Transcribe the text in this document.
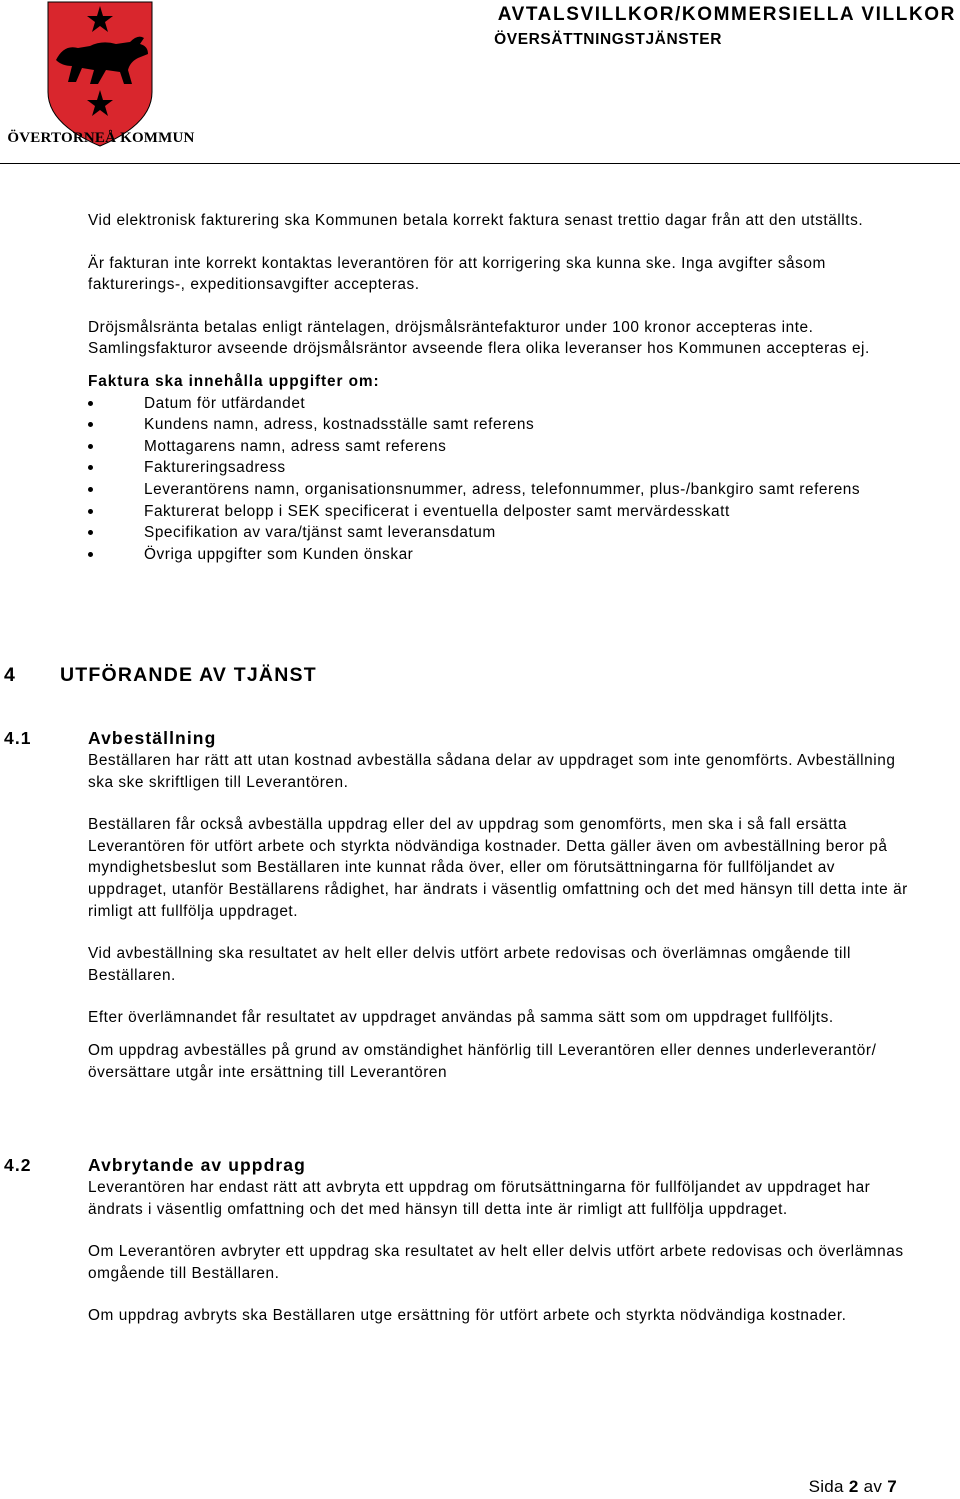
ÖVERTORNEÅ KOMMUN
AVTALSVILLKOR/KOMMERSIELLA VILLKOR
ÖVERSÄTTNINGSTJÄNSTER

Vid elektronisk fakturering ska Kommunen betala korrekt faktura senast trettio dagar från att den utställts.

Är fakturan inte korrekt kontaktas leverantören för att korrigering ska kunna ske. Inga avgifter såsom fakturerings-, expeditionsavgifter accepteras.

Dröjsmålsränta betalas enligt räntelagen, dröjsmålsräntefakturor under 100 kronor accepteras inte. Samlingsfakturor avseende dröjsmålsräntor avseende flera olika leveranser hos Kommunen accepteras ej.

Faktura ska innehålla uppgifter om:

Datum för utfärdandet
Kundens namn, adress, kostnadsställe samt referens
Mottagarens namn, adress samt referens
Faktureringsadress
Leverantörens namn, organisationsnummer, adress, telefonnummer, plus-/bankgiro samt referens
Fakturerat belopp i SEK specificerat i eventuella delposter samt mervärdesskatt
Specifikation av vara/tjänst samt leveransdatum
Övriga uppgifter som Kunden önskar
4 UTFÖRANDE AV TJÄNST
4.1	Avbeställning

Beställaren har rätt att utan kostnad avbeställa sådana delar av uppdraget som inte genomförts. Avbeställning ska ske skriftligen till Leverantören.

Beställaren får också avbeställa uppdrag eller del av uppdrag som genomförts, men ska i så fall ersätta Leverantören för utfört arbete och styrkta nödvändiga kostnader. Detta gäller även om avbeställning beror på myndighetsbeslut som Beställaren inte kunnat råda över, eller om förutsättningarna för fullföljandet av uppdraget, utanför Beställarens rådighet, har ändrats i väsentlig omfattning och det med hänsyn till detta inte är rimligt att fullfölja uppdraget.

Vid avbeställning ska resultatet av helt eller delvis utfört arbete redovisas och överlämnas omgående till Beställaren.

Efter överlämnandet får resultatet av uppdraget användas på samma sätt som om uppdraget fullföljts.

Om uppdrag avbeställes på grund av omständighet hänförlig till Leverantören eller dennes underleverantör/översättare utgår inte ersättning till Leverantören

4.2	Avbrytande av uppdrag

Leverantören har endast rätt att avbryta ett uppdrag om förutsättningarna för fullföljandet av uppdraget har ändrats i väsentlig omfattning och det med hänsyn till detta inte är rimligt att fullfölja uppdraget.

Om Leverantören avbryter ett uppdrag ska resultatet av helt eller delvis utfört arbete redovisas och överlämnas omgående till Beställaren.

Om uppdrag avbryts ska Beställaren utge ersättning för utfört arbete och styrkta nödvändiga kostnader.

Sida 2 av 7
